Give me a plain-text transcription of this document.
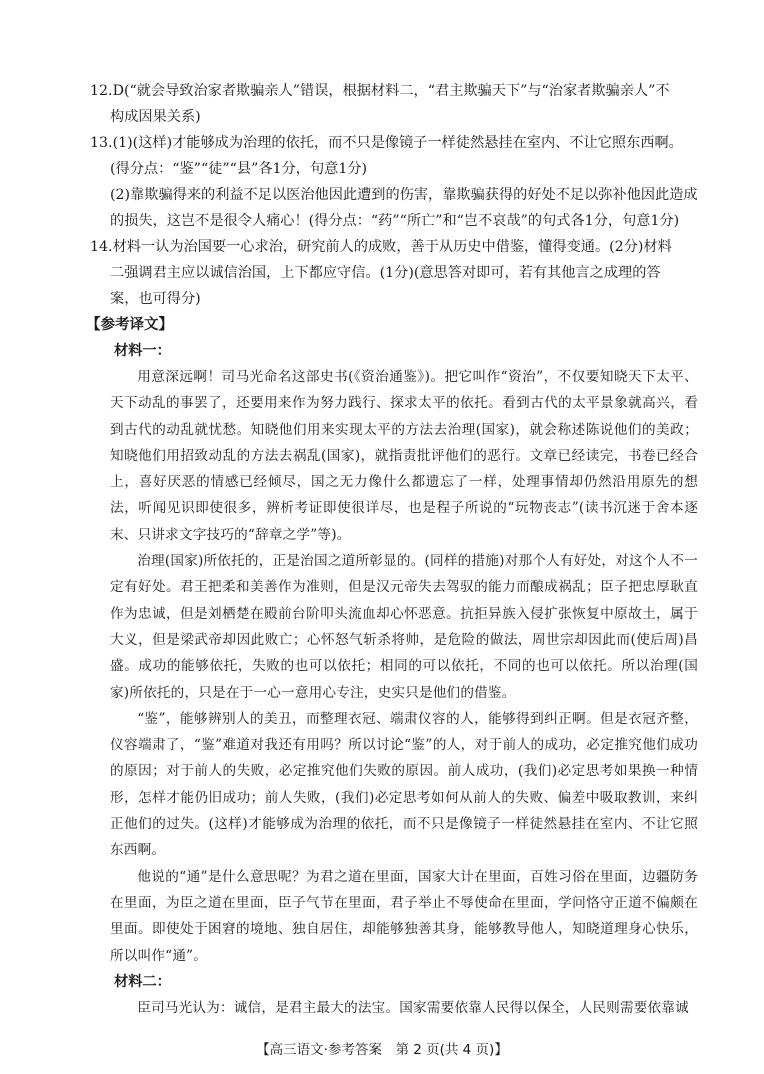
12.D(“就会导致治家者欺骗亲人”错误，根据材料二，“君主欺骗天下”与“治家者欺骗亲人”不

构成因果关系)

13.(1)(这样)才能够成为治理的依托，而不只是像镜子一样徒然悬挂在室内、不让它照东西啊。

(得分点：“鉴”“徒”“县”各1分，句意1分)

(2)靠欺骗得来的利益不足以医治他因此遭到的伤害，靠欺骗获得的好处不足以弥补他因此造成

的损失，这岂不是很令人痛心！(得分点：“药”“所亡”和“岂不哀哉”的句式各1分，句意1分)

14.材料一认为治国要一心求治，研究前人的成败，善于从历史中借鉴，懂得变通。(2分)材料

二强调君主应以诚信治国，上下都应守信。(1分)(意思答对即可，若有其他言之成理的答

案，也可得分)

【参考译文】

材料一：

用意深远啊！司马光命名这部史书(《资治通鉴》)。把它叫作“资治”，不仅要知晓天下太平、天下动乱的事罢了，还要用来作为努力践行、探求太平的依托。看到古代的太平景象就高兴，看到古代的动乱就忧愁。知晓他们用来实现太平的方法去治理(国家)，就会称述陈说他们的美政；知晓他们用招致动乱的方法去祸乱(国家)，就指责批评他们的恶行。文章已经读完，书卷已经合上，喜好厌恶的情感已经倾尽，国之无力像什么都遗忘了一样，处理事情却仍然沿用原先的想法，听闻见识即使很多，辨析考证即使很详尽，也是程子所说的“玩物丧志”(读书沉迷于舍本逐末、只讲求文字技巧的“辞章之学”等)。

治理(国家)所依托的，正是治国之道所彰显的。(同样的措施)对那个人有好处，对这个人不一定有好处。君王把柔和美善作为准则，但是汉元帝失去驾驭的能力而酿成祸乱；臣子把忠厚耿直作为忠诚，但是刘栖楚在殿前台阶叩头流血却心怀恶意。抗拒异族入侵扩张恢复中原故土，属于大义，但是梁武帝却因此败亡；心怀怒气斩杀将帅，是危险的做法，周世宗却因此而(使后周)昌盛。成功的能够依托，失败的也可以依托；相同的可以依托，不同的也可以依托。所以治理(国家)所依托的，只是在于一心一意用心专注，史实只是他们的借鉴。

“鉴”，能够辨别人的美丑，而整理衣冠、端肃仪容的人，能够得到纠正啊。但是衣冠齐整，仪容端肃了，“鉴”难道对我还有用吗？所以讨论“鉴”的人，对于前人的成功，必定推究他们成功的原因；对于前人的失败，必定推究他们失败的原因。前人成功，(我们)必定思考如果换一种情形，怎样才能仍旧成功；前人失败，(我们)必定思考如何从前人的失败、偏差中吸取教训，来纠正他们的过失。(这样)才能够成为治理的依托，而不只是像镜子一样徒然悬挂在室内、不让它照东西啊。

他说的“通”是什么意思呢？为君之道在里面，国家大计在里面，百姓习俗在里面，边疆防务在里面，为臣之道在里面，臣子气节在里面，君子举止不辱使命在里面，学问恪守正道不偏颇在里面。即使处于困窘的境地、独自居住，却能够独善其身，能够教导他人，知晓道理身心快乐，所以叫作“通”。

材料二：

臣司马光认为：诚信，是君主最大的法宝。国家需要依靠人民得以保全，人民则需要依靠诚

【高三语文·参考答案　第 2 页(共 4 页)】
